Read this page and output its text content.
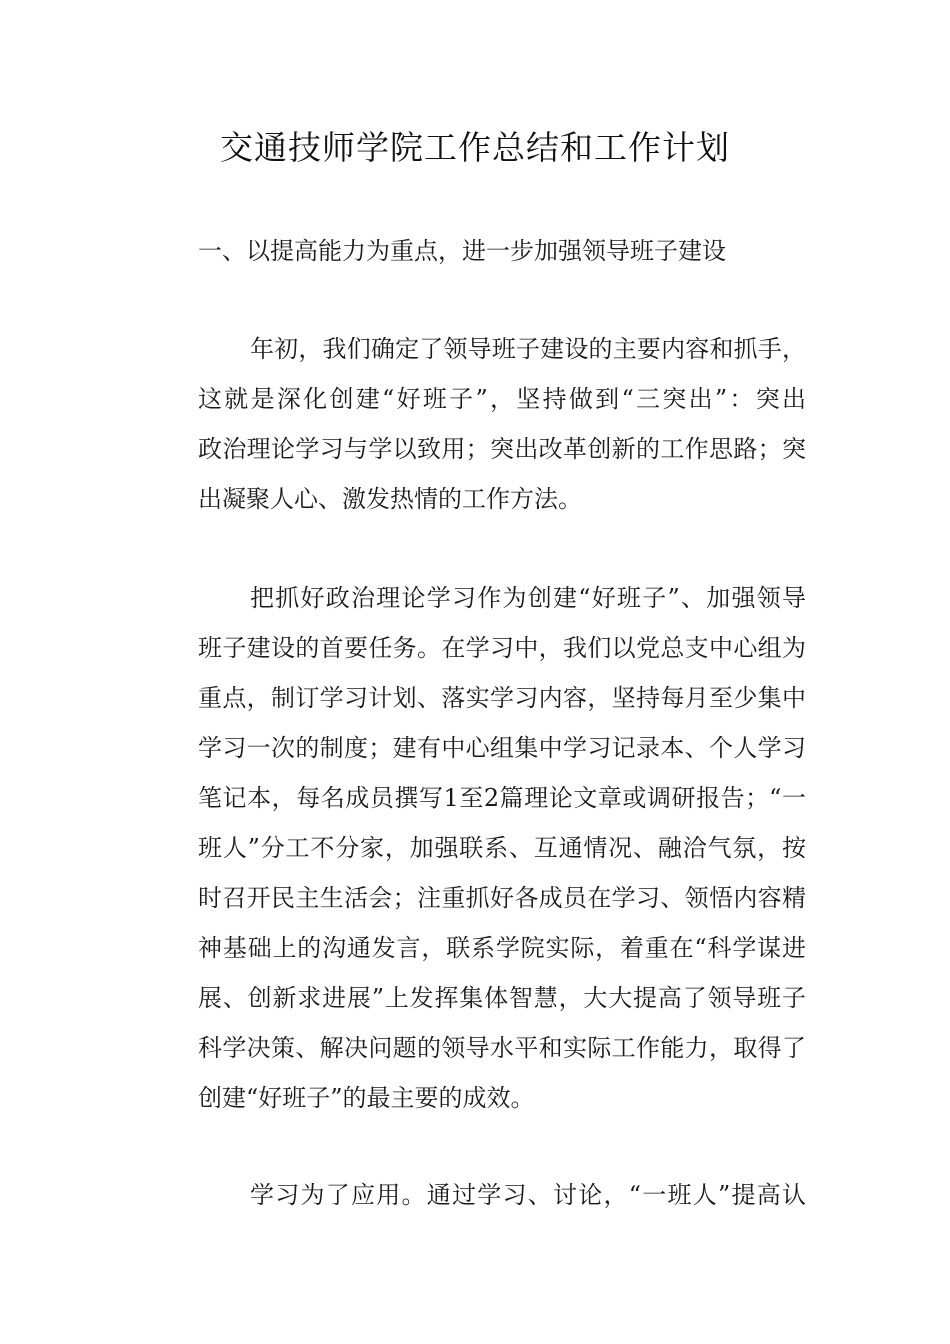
交通技师学院工作总结和工作计划

一、以提高能力为重点，进一步加强领导班子建设

年初，我们确定了领导班子建设的主要内容和抓手，
这就是深化创建“好班子”，坚持做到“三突出”：突出
政治理论学习与学以致用；突出改革创新的工作思路；突
出凝聚人心、激发热情的工作方法。
把抓好政治理论学习作为创建“好班子”、加强领导
班子建设的首要任务。在学习中，我们以党总支中心组为
重点，制订学习计划、落实学习内容，坚持每月至少集中
学习一次的制度；建有中心组集中学习记录本、个人学习
笔记本，每名成员撰写1至2篇理论文章或调研报告；“一
班人”分工不分家，加强联系、互通情况、融洽气氛，按
时召开民主生活会；注重抓好各成员在学习、领悟内容精
神基础上的沟通发言，联系学院实际，着重在“科学谋进
展、创新求进展”上发挥集体智慧，大大提高了领导班子
科学决策、解决问题的领导水平和实际工作能力，取得了
创建“好班子”的最主要的成效。
学习为了应用。通过学习、讨论，“一班人”提高认
